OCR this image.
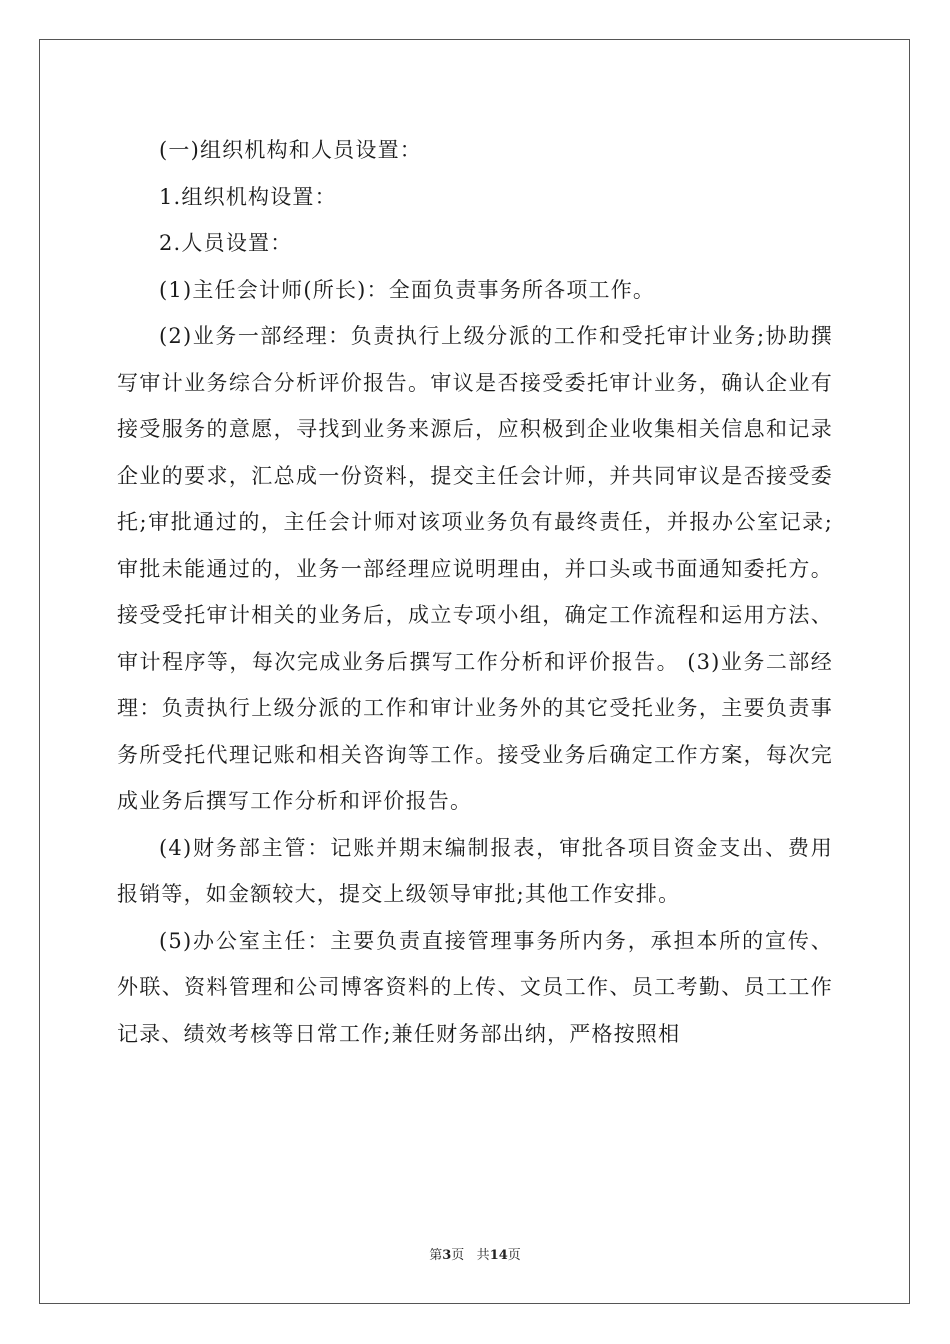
(一)组织机构和人员设置：

1.组织机构设置：

2.人员设置：

(1)主任会计师(所长)：全面负责事务所各项工作。

(2)业务一部经理：负责执行上级分派的工作和受托审计业务;协助撰写审计业务综合分析评价报告。审议是否接受委托审计业务，确认企业有接受服务的意愿，寻找到业务来源后，应积极到企业收集相关信息和记录企业的要求，汇总成一份资料，提交主任会计师，并共同审议是否接受委托;审批通过的，主任会计师对该项业务负有最终责任，并报办公室记录;审批未能通过的，业务一部经理应说明理由，并口头或书面通知委托方。接受受托审计相关的业务后，成立专项小组，确定工作流程和运用方法、审计程序等，每次完成业务后撰写工作分析和评价报告。 (3)业务二部经理：负责执行上级分派的工作和审计业务外的其它受托业务，主要负责事务所受托代理记账和相关咨询等工作。接受业务后确定工作方案，每次完成业务后撰写工作分析和评价报告。

(4)财务部主管：记账并期末编制报表，审批各项目资金支出、费用报销等，如金额较大，提交上级领导审批;其他工作安排。

(5)办公室主任：主要负责直接管理事务所内务，承担本所的宣传、外联、资料管理和公司博客资料的上传、文员工作、员工考勤、员工工作记录、绩效考核等日常工作;兼任财务部出纳，严格按照相

第3页 共14页
